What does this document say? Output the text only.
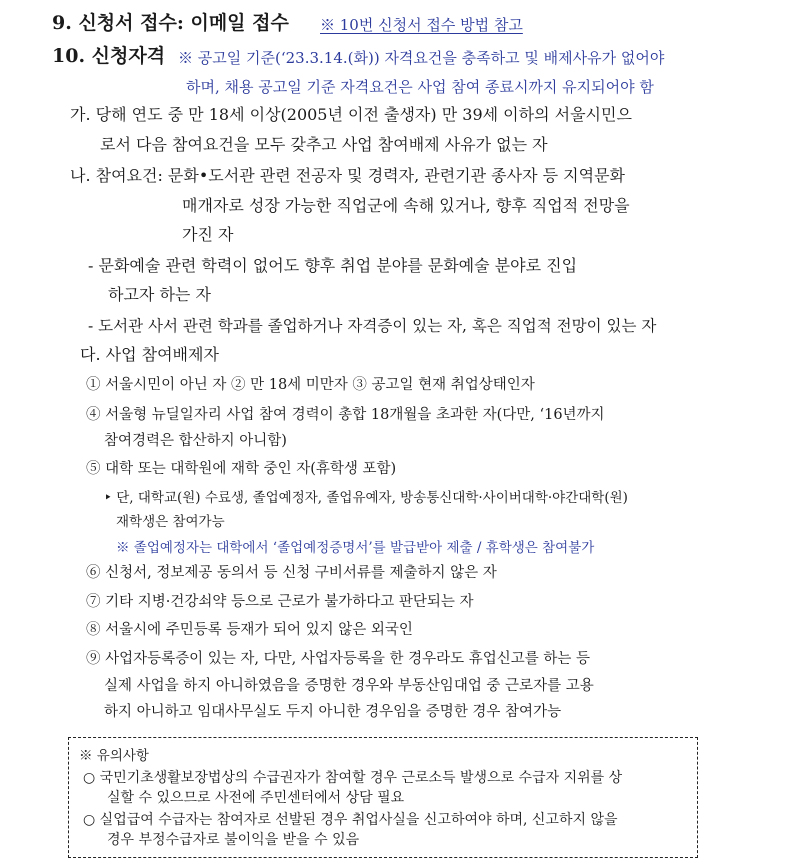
9. 신청서 접수: 이메일 접수 ※ 10번 신청서 접수 방법 참고
10. 신청자격 ※ 공고일 기준(‘23.3.14.(화)) 자격요건을 충족하고 및 배제사유가 없어야
하며, 채용 공고일 기준 자격요건은 사업 참여 종료시까지 유지되어야 함
가. 당해 연도 중 만 18세 이상(2005년 이전 출생자) 만 39세 이하의 서울시민으
로서 다음 참여요건을 모두 갖추고 사업 참여배제 사유가 없는 자
나. 참여요건: 문화•도서관 관련 전공자 및 경력자, 관련기관 종사자 등 지역문화
매개자로 성장 가능한 직업군에 속해 있거나, 향후 직업적 전망을
가진 자
- 문화예술 관련 학력이 없어도 향후 취업 분야를 문화예술 분야로 진입
하고자 하는 자
- 도서관 사서 관련 학과를 졸업하거나 자격증이 있는 자, 혹은 직업적 전망이 있는 자
다. 사업 참여배제자
① 서울시민이 아닌 자 ② 만 18세 미만자 ③ 공고일 현재 취업상태인자
④ 서울형 뉴딜일자리 사업 참여 경력이 총합 18개월을 초과한 자(다만, ‘16년까지
참여경력은 합산하지 아니함)
⑤ 대학 또는 대학원에 재학 중인 자(휴학생 포함)
‣ 단, 대학교(원) 수료생, 졸업예정자, 졸업유예자, 방송통신대학·사이버대학·야간대학(원)
재학생은 참여가능
※ 졸업예정자는 대학에서 ‘졸업예정증명서’를 발급받아 제출 / 휴학생은 참여불가
⑥ 신청서, 정보제공 동의서 등 신청 구비서류를 제출하지 않은 자
⑦ 기타 지병·건강쇠약 등으로 근로가 불가하다고 판단되는 자
⑧ 서울시에 주민등록 등재가 되어 있지 않은 외국인
⑨ 사업자등록증이 있는 자, 다만, 사업자등록을 한 경우라도 휴업신고를 하는 등
실제 사업을 하지 아니하였음을 증명한 경우와 부동산임대업 중 근로자를 고용
하지 아니하고 임대사무실도 두지 아니한 경우임을 증명한 경우 참여가능
※ 유의사항
○ 국민기초생활보장법상의 수급권자가 참여할 경우 근로소득 발생으로 수급자 지위를 상
실할 수 있으므로 사전에 주민센터에서 상담 필요
○ 실업급여 수급자는 참여자로 선발된 경우 취업사실을 신고하여야 하며, 신고하지 않을
경우 부정수급자로 불이익을 받을 수 있음
